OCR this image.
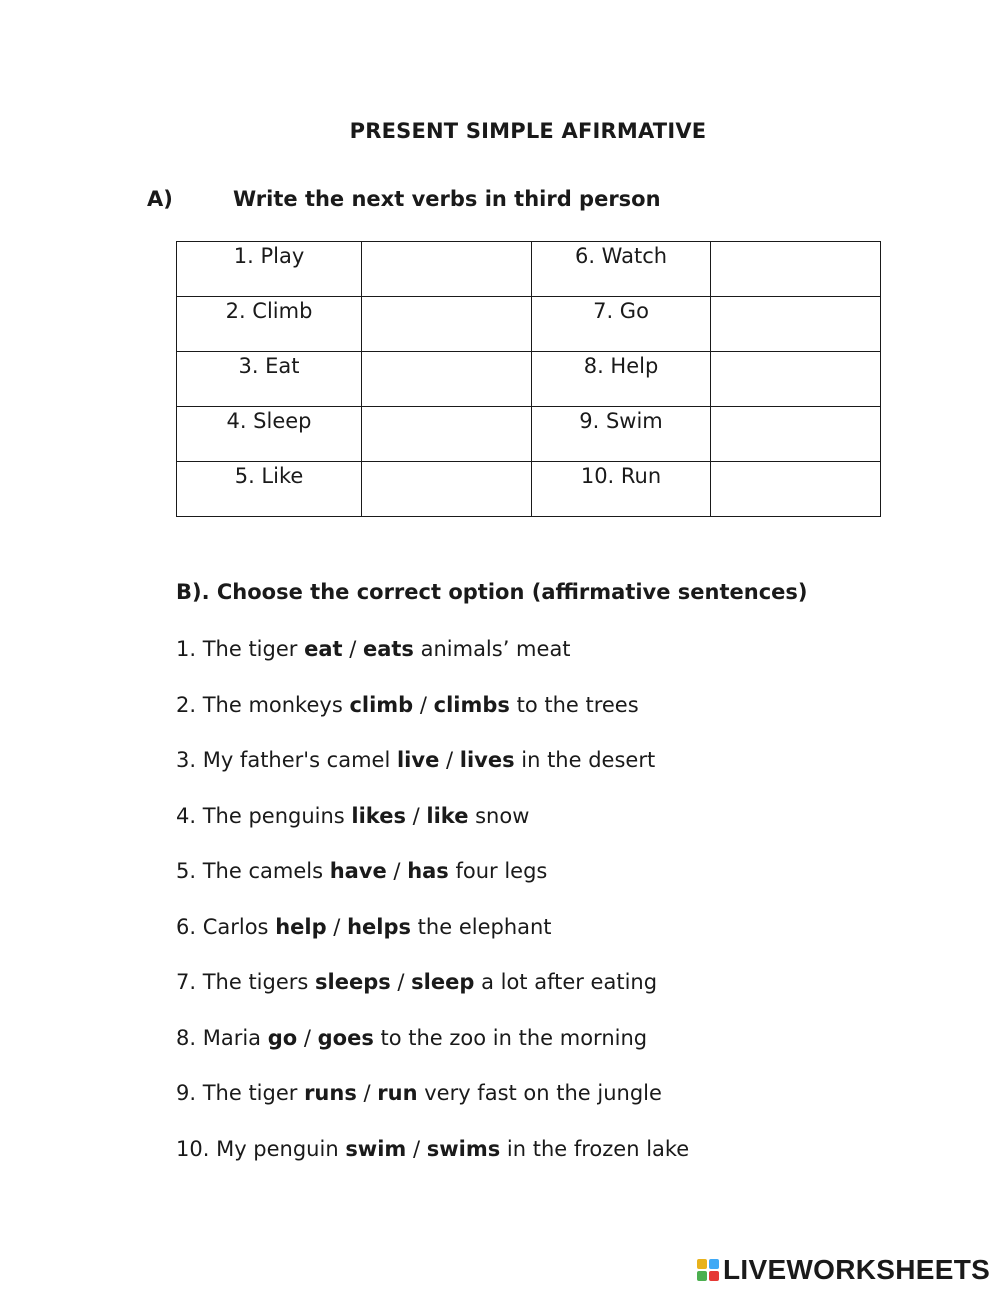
PRESENT SIMPLE AFIRMATIVE
A)	Write the next verbs in third person
1. Play		6. Watch	
2. Climb		7. Go	
3. Eat		8. Help	
4. Sleep		9. Swim	
5. Like		10. Run	
B). Choose the correct option (affirmative sentences)
1. The tiger eat / eats animals’ meat
2. The monkeys climb / climbs to the trees
3. My father's camel live / lives in the desert
4. The penguins likes / like snow
5. The camels have / has four legs
6. Carlos help / helps the elephant
7. The tigers sleeps / sleep a lot after eating
8. Maria go / goes to the zoo in the morning
9. The tiger runs / run very fast on the jungle
10. My penguin swim / swims in the frozen lake
LIVEWORKSHEETS
